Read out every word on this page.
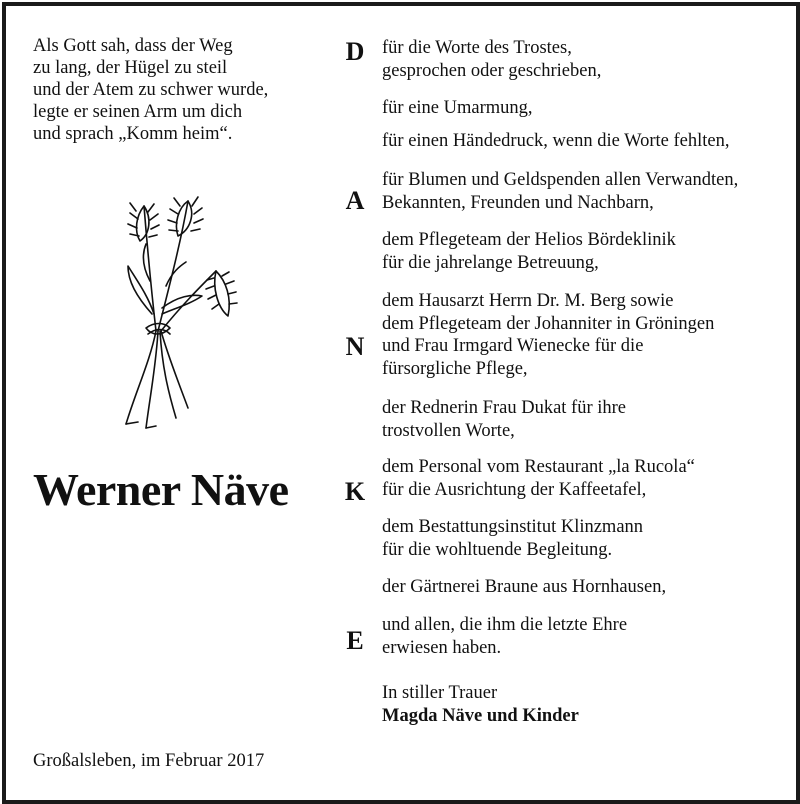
Als Gott sah, dass der Weg
zu lang, der Hügel zu steil
und der Atem zu schwer wurde,
legte er seinen Arm um dich
und sprach „Komm heim“.
Werner Näve
Großalsleben, im Februar 2017
D
A
N
K
E
für die Worte des Trostes,
gesprochen oder geschrieben,
für eine Umarmung,
für einen Händedruck, wenn die Worte fehlten,
für Blumen und Geldspenden allen Verwandten,
Bekannten, Freunden und Nachbarn,
dem Pflegeteam der Helios Bördeklinik
für die jahrelange Betreuung,
dem Hausarzt Herrn Dr. M. Berg sowie
dem Pflegeteam der Johanniter in Gröningen
und Frau Irmgard Wienecke für die
fürsorgliche Pflege,
der Rednerin Frau Dukat für ihre
trostvollen Worte,
dem Personal vom Restaurant „la Rucola“
für die Ausrichtung der Kaffeetafel,
dem Bestattungsinstitut Klinzmann
für die wohltuende Begleitung.
der Gärtnerei Braune aus Hornhausen,
und allen, die ihm die letzte Ehre
erwiesen haben.
In stiller Trauer
Magda Näve und Kinder
